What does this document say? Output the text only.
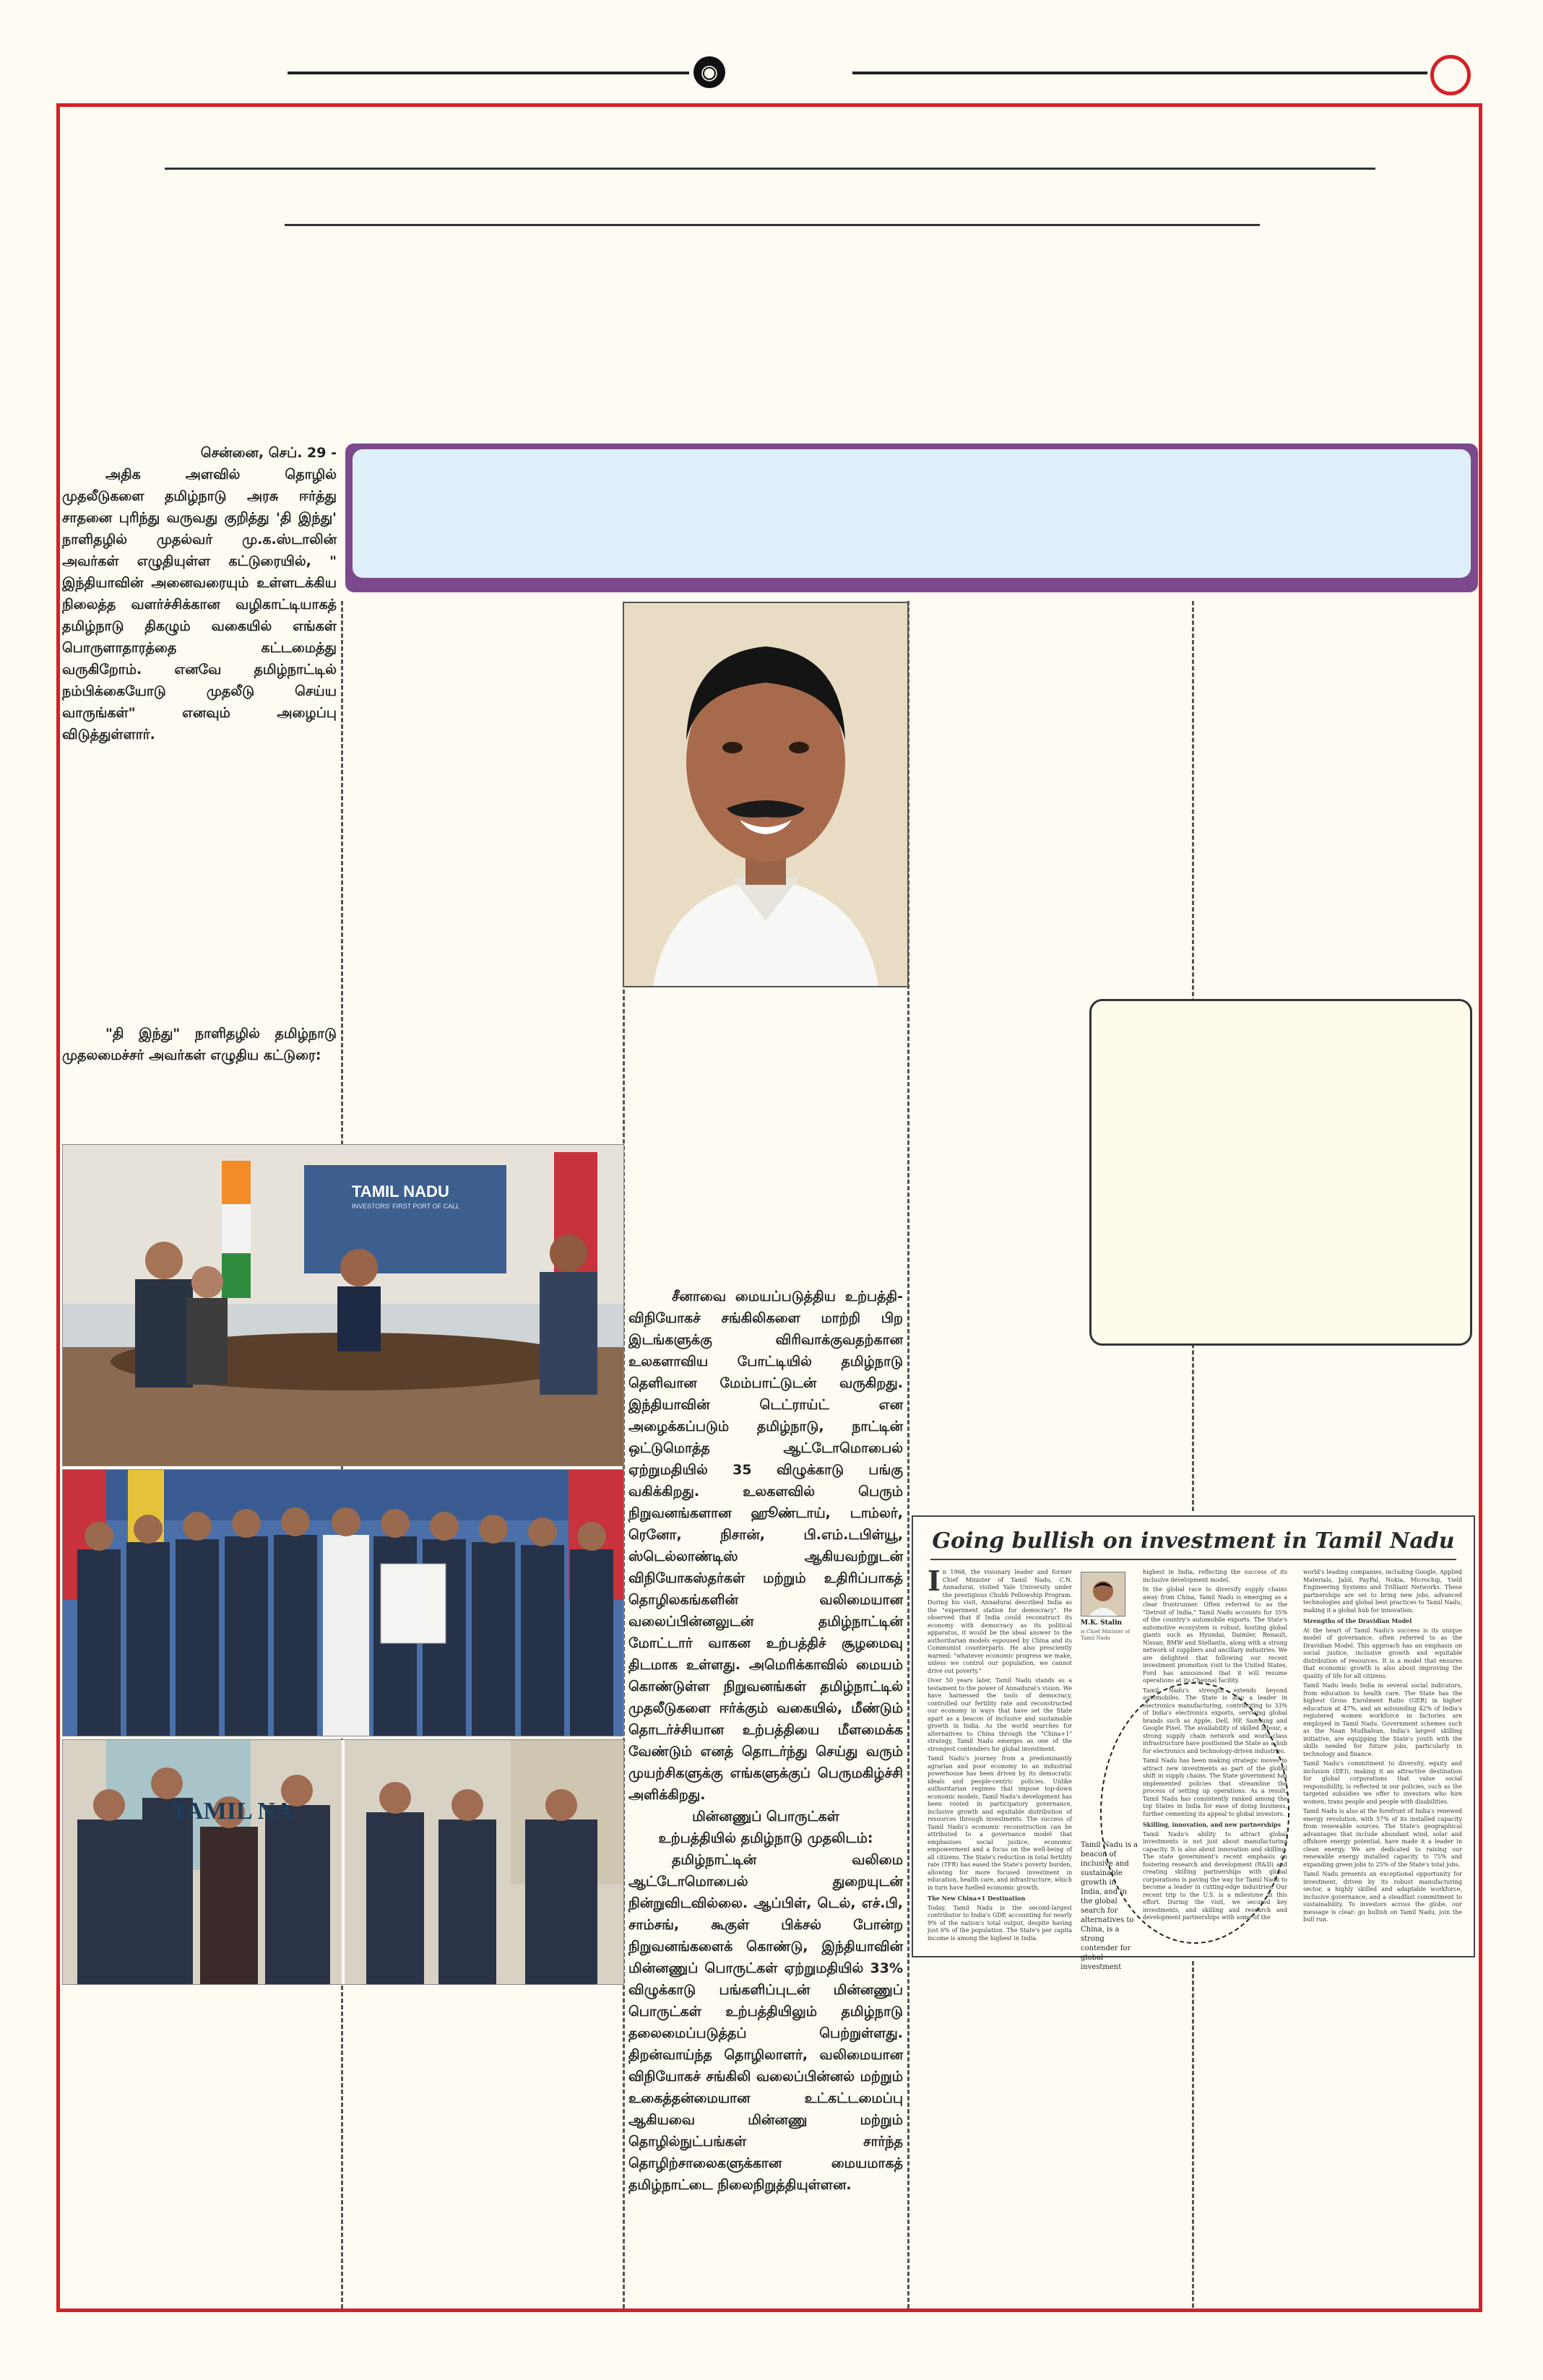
◉

சென்னை, செப். 29 -

அதிக அளவில் தொழில் முதலீடுகளை தமிழ்நாடு அரசு ஈர்த்து சாதனை புரிந்து வருவது குறித்து 'தி இந்து' நாளிதழில் முதல்வர் மு.க.ஸ்டாலின் அவர்கள் எழுதியுள்ள கட்டுரையில், " இந்தியாவின் அனைவரையும் உள்ளடக்கிய நிலைத்த வளர்ச்சிக்கான வழிகாட்டியாகத் தமிழ்நாடு திகழும் வகையில் எங்கள் பொருளாதாரத்தை கட்டமைத்து வருகிறோம். எனவே தமிழ்நாட்டில் நம்பிக்கையோடு முதலீடு செய்ய வாருங்கள்" எனவும் அழைப்பு விடுத்துள்ளார்.

"தி இந்து" நாளிதழில் தமிழ்நாடு முதலமைச்சர் அவர்கள் எழுதிய கட்டுரை:

TAMIL NADU
INVESTORS' FIRST PORT OF CALL
TAMIL NA

சீனாவை மையப்படுத்திய உற்பத்தி-விநியோகச் சங்கிலிகளை மாற்றி பிற இடங்களுக்கு விரிவாக்குவதற்கான உலகளாவிய போட்டியில் தமிழ்நாடு தெளிவான மேம்பாட்டுடன் வருகிறது. இந்தியாவின் டெட்ராய்ட் என அழைக்கப்படும் தமிழ்நாடு, நாட்டின் ஒட்டுமொத்த ஆட்டோமொபைல் ஏற்றுமதியில் 35 விழுக்காடு பங்கு வகிக்கிறது. உலகளவில் பெரும் நிறுவனங்களான ஹூண்டாய், டாம்லர், ரெனோ, நிசான், பி.எம்.டபிள்யூ, ஸ்டெல்லாண்டிஸ் ஆகியவற்றுடன் விநியோகஸ்தர்கள் மற்றும் உதிரிப்பாகத் தொழிலகங்களின் வலிமையான வலைப்பின்னலுடன் தமிழ்நாட்டின் மோட்டார் வாகன உற்பத்திச் சூழமைவு திடமாக உள்ளது. அமெரிக்காவில் மையம் கொண்டுள்ள நிறுவனங்கள் தமிழ்நாட்டில் முதலீடுகளை ஈர்க்கும் வகையில், மீண்டும் தொடர்ச்சியான உற்பத்தியை மீளமைக்க வேண்டும் எனத் தொடர்ந்து செய்து வரும் முயற்சிகளுக்கு எங்களுக்குப் பெருமகிழ்ச்சி அளிக்கிறது.

மின்னணுப் பொருட்கள்

உற்பத்தியில் தமிழ்நாடு முதலிடம்:

தமிழ்நாட்டின் வலிமை ஆட்டோமொபைல் துறையுடன் நின்றுவிடவில்லை. ஆப்பிள், டெல், எச்.பி, சாம்சங், கூகுள் பிக்சல் போன்ற நிறுவனங்களைக் கொண்டு, இந்தியாவின் மின்னணுப் பொருட்கள் ஏற்றுமதியில் 33% விழுக்காடு பங்களிப்புடன் மின்னணுப் பொருட்கள் உற்பத்தியிலும் தமிழ்நாடு தலைமைப்படுத்தப் பெற்றுள்ளது. திறன்வாய்ந்த தொழிலாளர், வலிமையான விநியோகச் சங்கிலி வலைப்பின்னல் மற்றும் உகைத்தன்மையான உட்கட்டமைப்பு ஆகியவை மின்னணு மற்றும் தொழில்நுட்பங்கள் சார்ந்த தொழிற்சாலைகளுக்கான மையமாகத் தமிழ்நாட்டை நிலைநிறுத்தியுள்ளன.

Going bullish on investment in Tamil Nadu

In 1968, the visionary leader and former Chief Minister of Tamil Nadu, C.N. Annadurai, visited Yale University under the prestigious Chubb Fellowship Program. During his visit, Annadurai described India as the "experiment station for democracy". He observed that if India could reconstruct its economy with democracy as its political apparatus, it would be the ideal answer to the authoritarian models espoused by China and its Communist counterparts. He also presciently warned: "whatever economic progress we make, unless we control our population, we cannot drive out poverty."

Over 50 years later, Tamil Nadu stands as a testament to the power of Annadurai's vision. We have harnessed the tools of democracy, controlled our fertility rate and reconstructed our economy in ways that have set the State apart as a beacon of inclusive and sustainable growth in India. As the world searches for alternatives to China through the "China+1" strategy, Tamil Nadu emerges as one of the strongest contenders for global investment.

Tamil Nadu's journey from a predominantly agrarian and poor economy to an industrial powerhouse has been driven by its democratic ideals and people-centric policies. Unlike authoritarian regimes that impose top-down economic models, Tamil Nadu's development has been rooted in participatory governance, inclusive growth and equitable distribution of resources through investments. The success of Tamil Nadu's economic reconstruction can be attributed to a governance model that emphasises social justice, economic empowerment and a focus on the well-being of all citizens. The State's reduction in total fertility rate (TFR) has eased the State's poverty burden, allowing for more focused investment in education, health care, and infrastructure, which in turn have fuelled economic growth.

The New China+1 Destination

Today, Tamil Nadu is the second-largest contributor to India's GDP, accounting for nearly 9% of the nation's total output, despite having just 6% of the population. The State's per capita income is among the highest in India.

M.K. Stalin
is Chief Minister of Tamil Nadu
Tamil Nadu is a beacon of inclusive and sustainable growth in India, and in the global search for alternatives to China, is a strong contender for global investment

highest in India, reflecting the success of its inclusive development model.

In the global race to diversify supply chains away from China, Tamil Nadu is emerging as a clear frontrunner. Often referred to as the "Detroit of India," Tamil Nadu accounts for 35% of the country's automobile exports. The State's automotive ecosystem is robust, hosting global giants such as Hyundai, Daimler, Renault, Nissan, BMW and Stellantis, along with a strong network of suppliers and ancillary industries. We are delighted that following our recent investment promotion visit to the United States, Ford has announced that it will resume operations at its Chennai facility.

Tamil Nadu's strength extends beyond automobiles. The State is also a leader in electronics manufacturing, contributing to 33% of India's electronics exports, servicing global brands such as Apple, Dell, HP, Samsung and Google Pixel. The availability of skilled labour, a strong supply chain network and world-class infrastructure have positioned the State as a hub for electronics and technology-driven industries.

Tamil Nadu has been making strategic moves to attract new investments as part of the global shift in supply chains. The State government has implemented policies that streamline the process of setting up operations. As a result, Tamil Nadu has consistently ranked among the top States in India for ease of doing business, further cementing its appeal to global investors.

Skilling, innovation, and new partnerships

Tamil Nadu's ability to attract global investments is not just about manufacturing capacity. It is also about innovation and skilling. The state government's recent emphasis on fostering research and development (R&D) and creating skilling partnerships with global corporations is paving the way for Tamil Nadu to become a leader in cutting-edge industries. Our recent trip to the U.S. is a milestone in this effort. During the visit, we secured key investments, and skilling and research and development partnerships with some of the

world's leading companies, including Google, Applied Materials, Jabil, PayPal, Nokia, Microchip, Yield Engineering Systems and Trilliant Networks. These partnerships are set to bring new jobs, advanced technologies and global best practices to Tamil Nadu, making it a global hub for innovation.

Strengths of the Dravidian Model

At the heart of Tamil Nadu's success is its unique model of governance, often referred to as the Dravidian Model. This approach has an emphasis on social justice, inclusive growth and equitable distribution of resources. It is a model that ensures that economic growth is also about improving the quality of life for all citizens.

Tamil Nadu leads India in several social indicators, from education to health care. The State has the highest Gross Enrolment Ratio (GER) in higher education at 47%, and an astounding 42% of India's registered women workforce in factories are employed in Tamil Nadu. Government schemes such as the Naan Mudhalvan, India's largest skilling initiative, are equipping the State's youth with the skills needed for future jobs, particularly in technology and finance.

Tamil Nadu's commitment to diversity, equity and inclusion (DEI), making it an attractive destination for global corporations that value social responsibility, is reflected in our policies, such as the targeted subsidies we offer to investors who hire women, trans people and people with disabilities.

Tamil Nadu is also at the forefront of India's renewed energy revolution, with 57% of its installed capacity from renewable sources. The State's geographical advantages that include abundant wind, solar and offshore energy potential, have made it a leader in clean energy. We are dedicated to raising our renewable energy installed capacity to 75% and expanding green jobs to 25% of the State's total jobs.

Tamil Nadu presents an exceptional opportunity for investment, driven by its robust manufacturing sector, a highly skilled and adaptable workforce, inclusive governance, and a steadfast commitment to sustainability. To investors across the globe, our message is clear: go bullish on Tamil Nadu, join the bull run.
